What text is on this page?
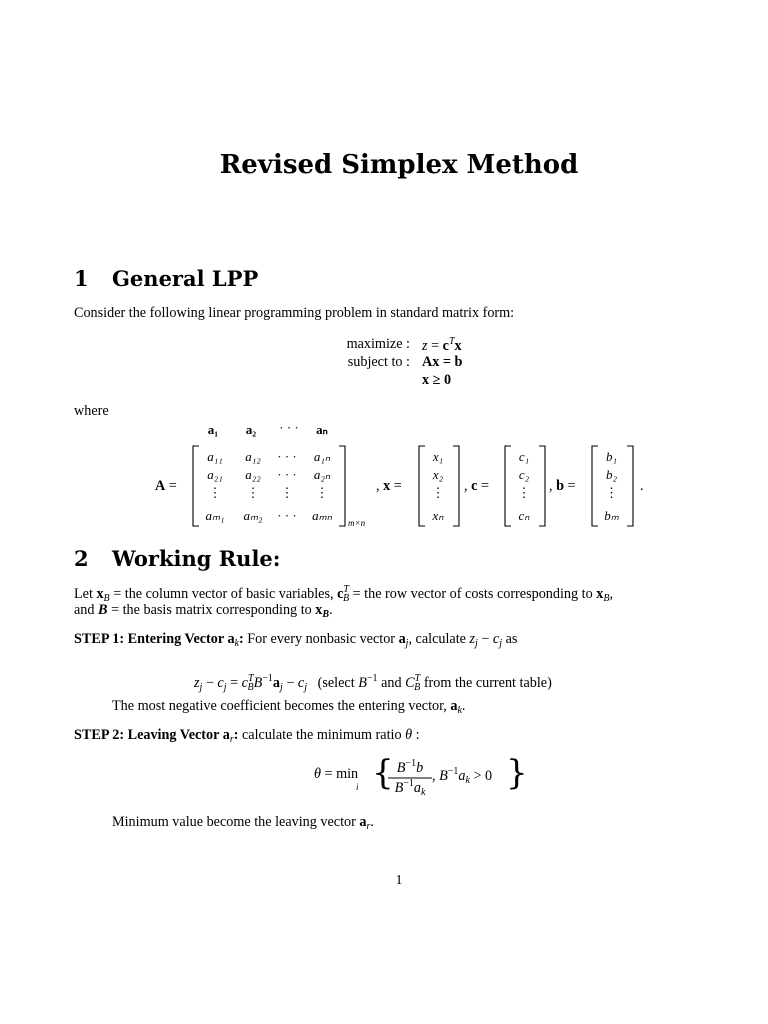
Revised Simplex Method
1 General LPP
Consider the following linear programming problem in standard matrix form:
maximize : $z = c^Tx$
subject to : Ax = b
x ≥ 0
where
a₁	a₂	· · ·	aₙ
A =
a₁₁	a₁₂	· · ·	a₁ₙ
a₂₁	a₂₂	· · ·	a₂ₙ
⋮	⋮	⋮	⋮
aₘ₁	aₘ₂	· · ·	aₘₙ	m×n
, x =
x₁
x₂
⋮
xₙ
, c =
c₁
c₂
⋮
cₙ
, b =
b₁
b₂
⋮
bₘ
.
2 Working Rule:
Let $x_B$ = the column vector of basic variables, $c^T_B$ = the row vector of costs corresponding to $x_B$,
and B = the basis matrix corresponding to $x_B$.
STEP 1: Entering Vector $a_k$: For every nonbasic vector $a_j$, calculate $z_j - c_j$ as
$z_j - c_j = c^T_BB^{-1}a_j - c_j$   (select $B^{-1}$ and $C^T_B$ from the current table)
The most negative coefficient becomes the entering vector, $a_k$.
STEP 2: Leaving Vector $a_r$: calculate the minimum ratio θ :
θ = min
i { $B^{-1}b$
$B^{-1}a_k$
, $B^{-1}a_k > 0$ }
Minimum value become the leaving vector $a_r$.
1
